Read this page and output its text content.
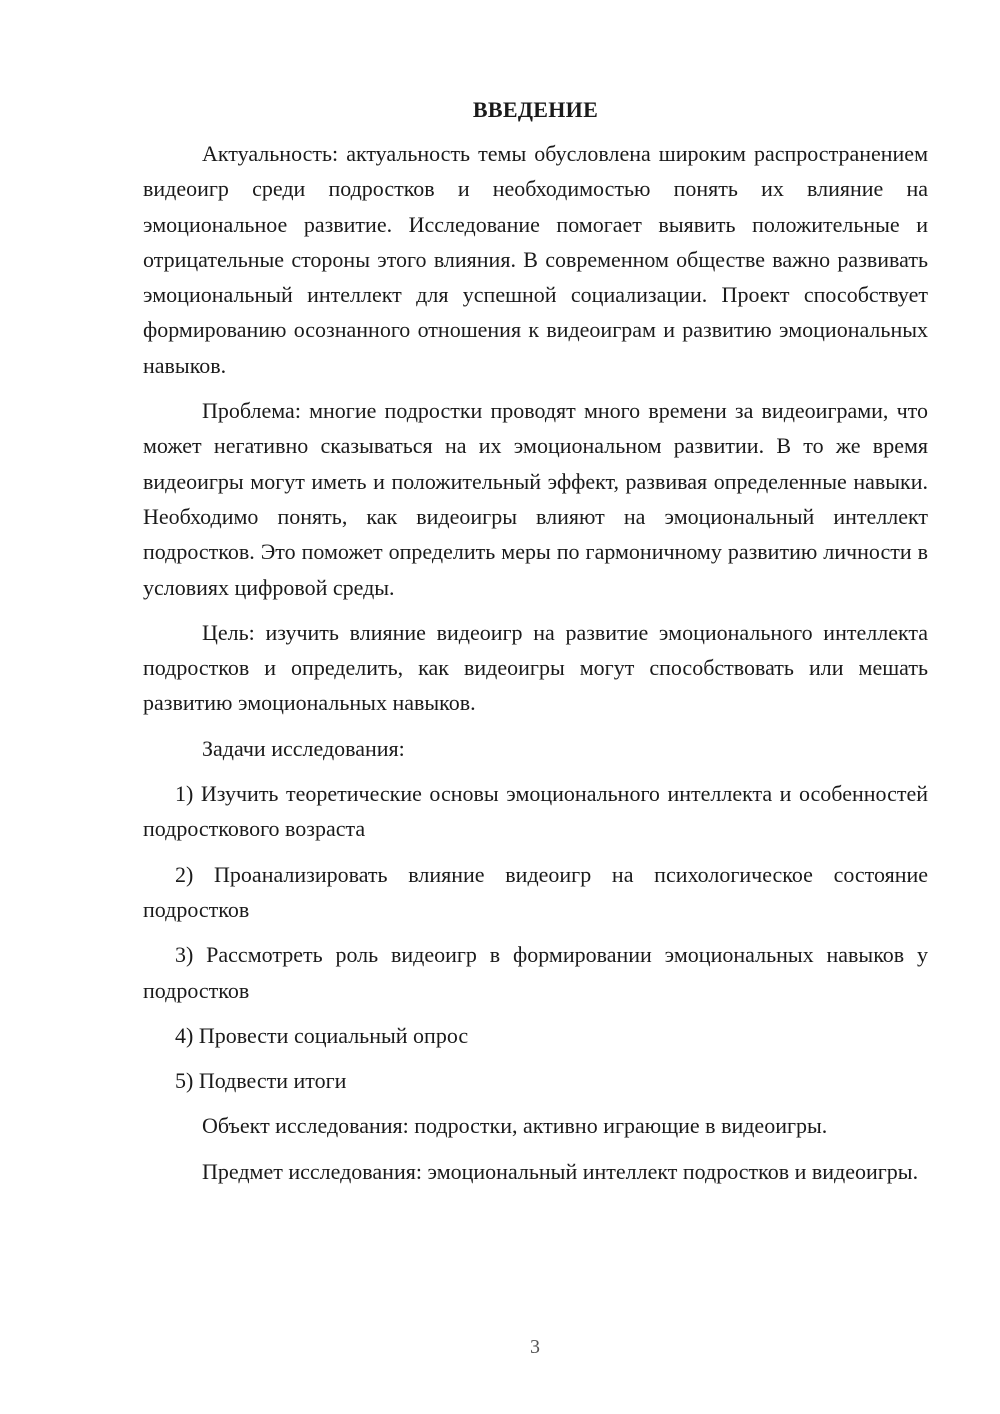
ВВЕДЕНИЕ

Актуальность: актуальность темы обусловлена широким распространением видеоигр среди подростков и необходимостью понять их влияние на эмоциональное развитие. Исследование помогает выявить положительные и отрицательные стороны этого влияния. В современном обществе важно развивать эмоциональный интеллект для успешной социализации. Проект способствует формированию осознанного отношения к видеоиграм и развитию эмоциональных навыков.

Проблема: многие подростки проводят много времени за видеоиграми, что может негативно сказываться на их эмоциональном развитии. В то же время видеоигры могут иметь и положительный эффект, развивая определенные навыки. Необходимо понять, как видеоигры влияют на эмоциональный интеллект подростков. Это поможет определить меры по гармоничному развитию личности в условиях цифровой среды.

Цель: изучить влияние видеоигр на развитие эмоционального интеллекта подростков и определить, как видеоигры могут способствовать или мешать развитию эмоциональных навыков.

Задачи исследования:

1) Изучить теоретические основы эмоционального интеллекта и особенностей подросткового возраста

2) Проанализировать влияние видеоигр на психологическое состояние подростков

3) Рассмотреть роль видеоигр в формировании эмоциональных навыков у подростков

4) Провести социальный опрос

5) Подвести итоги

Объект исследования: подростки, активно играющие в видеоигры.

Предмет исследования: эмоциональный интеллект подростков и видеоигры.

3
